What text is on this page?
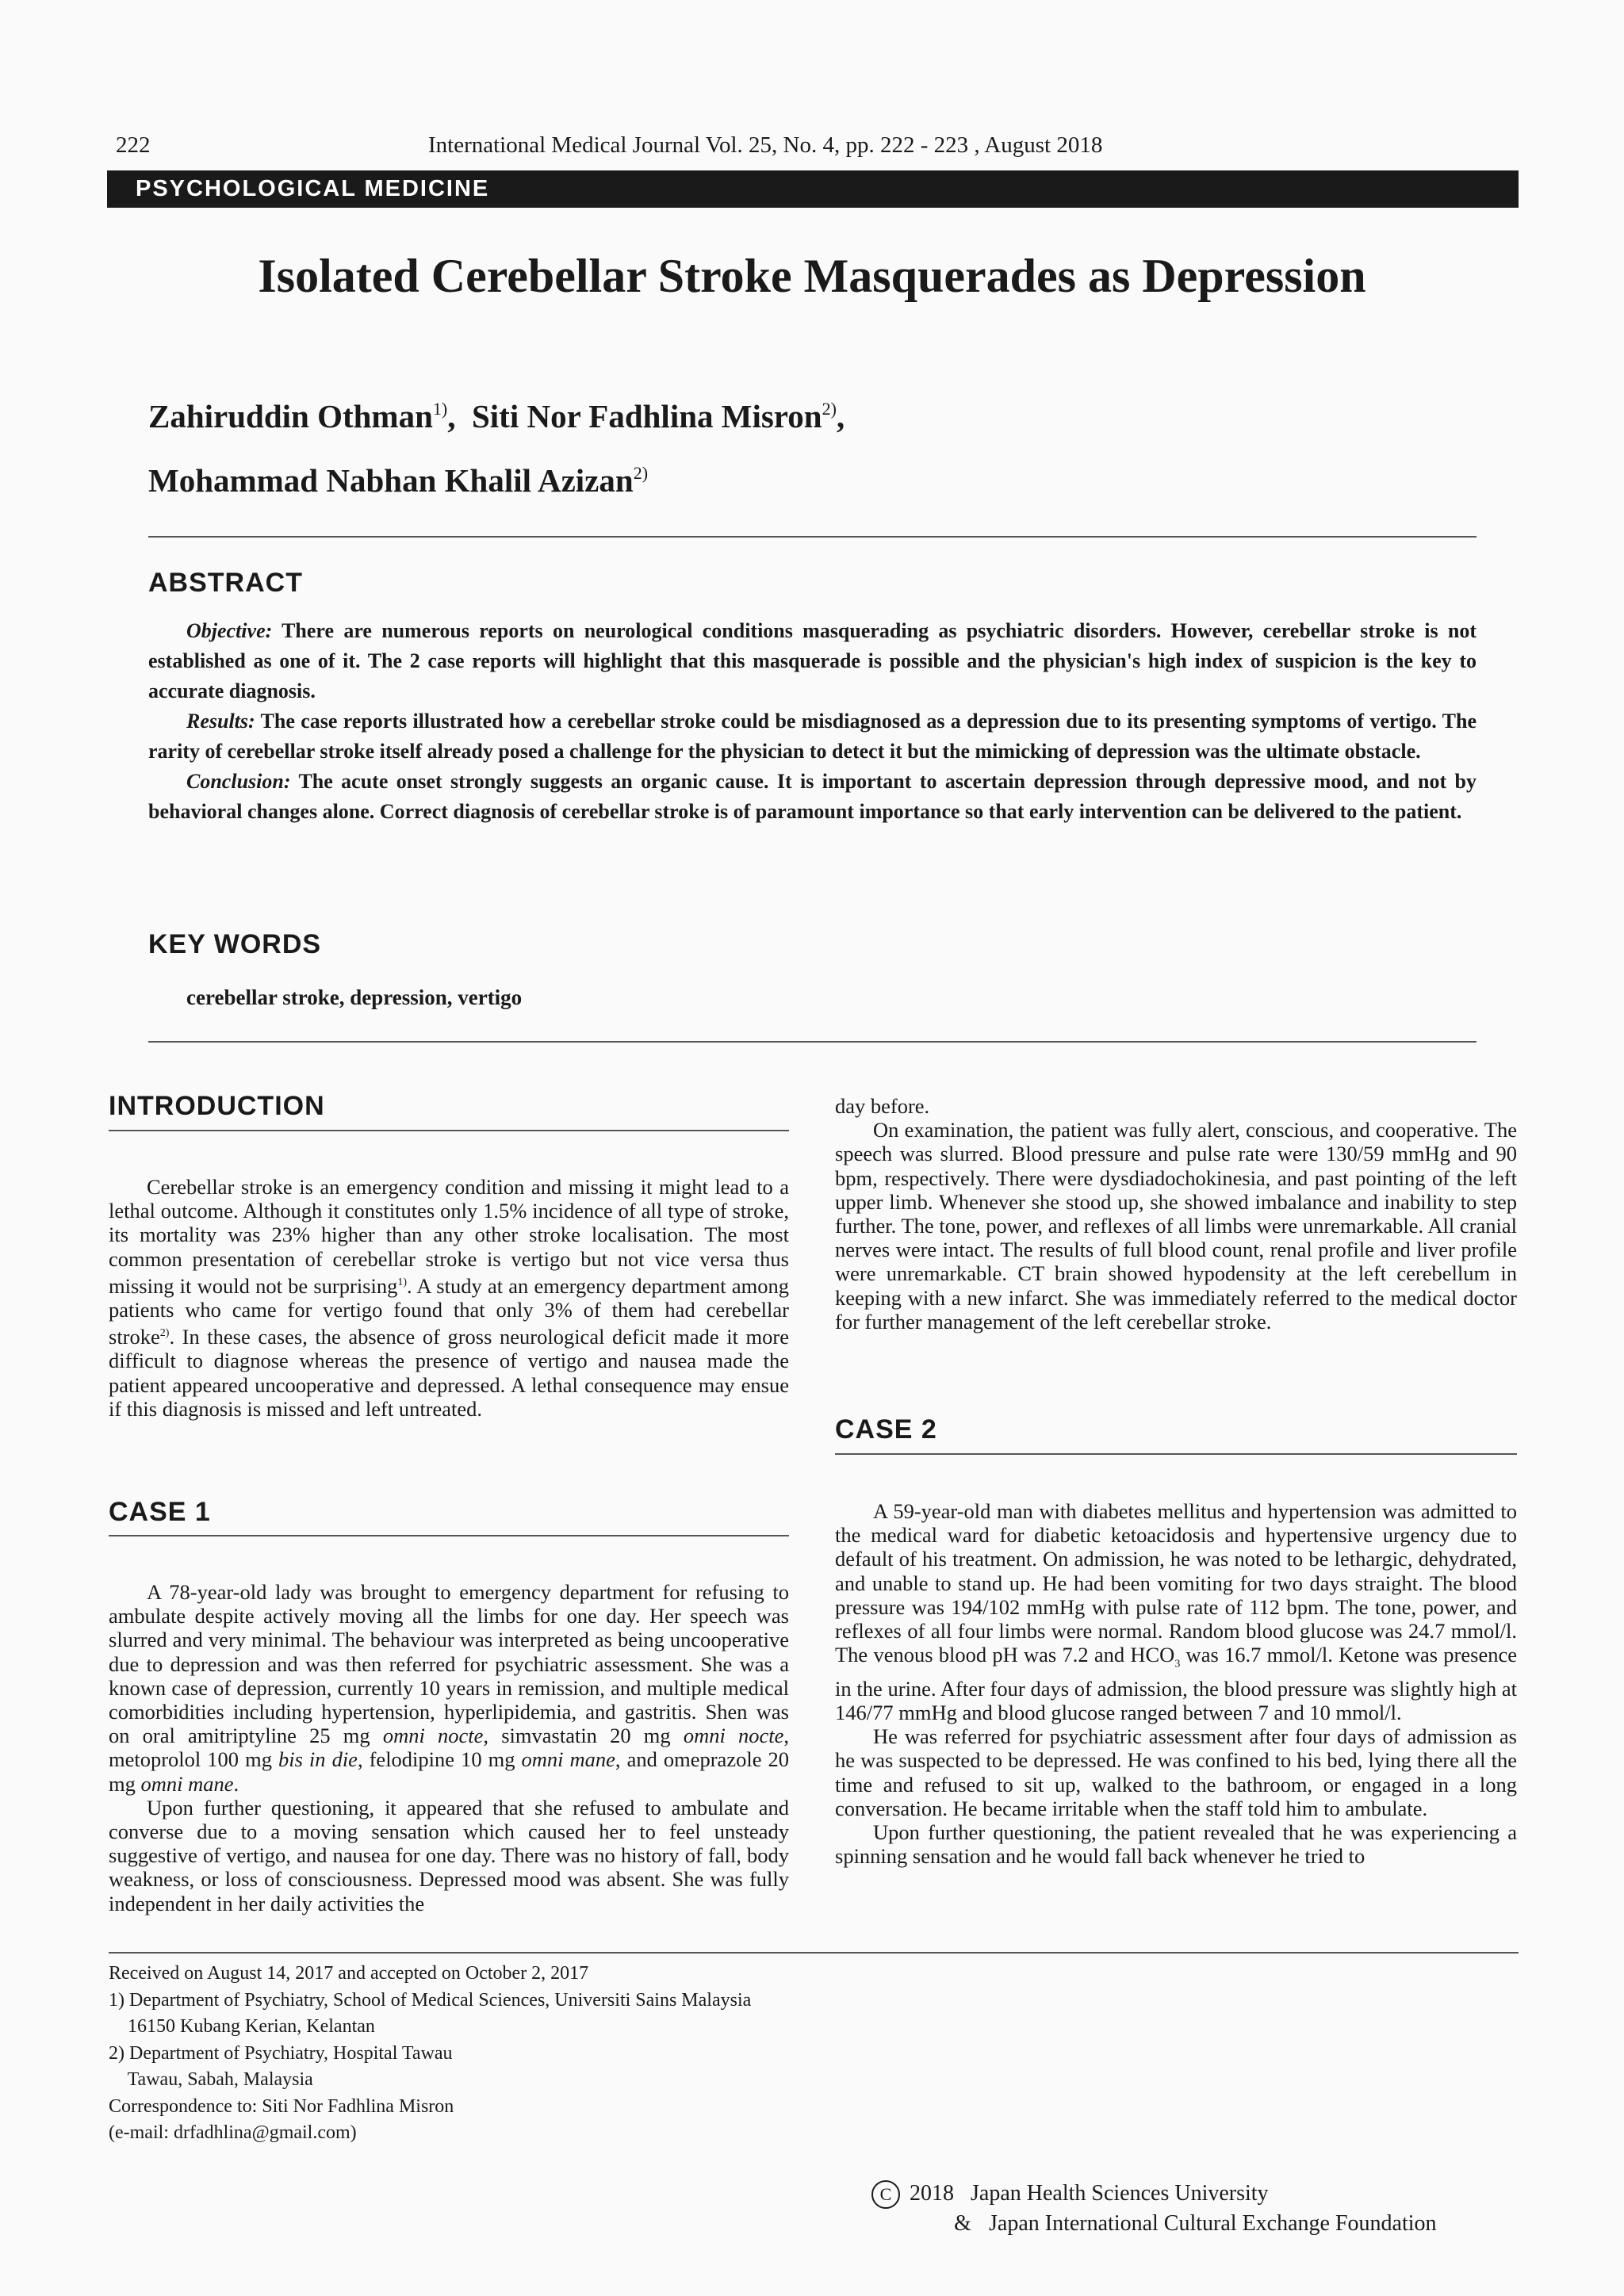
222	International Medical Journal Vol. 25, No. 4, pp. 222 - 223 , August 2018
PSYCHOLOGICAL MEDICINE
Isolated Cerebellar Stroke Masquerades as Depression
Zahiruddin Othman$^{1)}$,  Siti Nor Fadhlina Misron$^{2)}$,
Mohammad Nabhan Khalil Azizan$^{2)}$
ABSTRACT

Objective: There are numerous reports on neurological conditions masquerading as psychiatric disorders. However, cerebellar stroke is not established as one of it. The 2 case reports will highlight that this masquerade is possible and the physician's high index of suspicion is the key to accurate diagnosis.

Results: The case reports illustrated how a cerebellar stroke could be misdiagnosed as a depression due to its presenting symptoms of vertigo. The rarity of cerebellar stroke itself already posed a challenge for the physician to detect it but the mimicking of depression was the ultimate obstacle.

Conclusion: The acute onset strongly suggests an organic cause. It is important to ascertain depression through depressive mood, and not by behavioral changes alone. Correct diagnosis of cerebellar stroke is of paramount importance so that early intervention can be delivered to the patient.

KEY WORDS
cerebellar stroke, depression, vertigo
INTRODUCTION

Cerebellar stroke is an emergency condition and missing it might lead to a lethal outcome. Although it constitutes only 1.5% incidence of all type of stroke, its mortality was 23% higher than any other stroke localisation. The most common presentation of cerebellar stroke is vertigo but not vice versa thus missing it would not be surprising$^{1)}$. A study at an emergency department among patients who came for vertigo found that only 3% of them had cerebellar stroke$^{2)}$. In these cases, the absence of gross neurological deficit made it more difficult to diagnose whereas the presence of vertigo and nausea made the patient appeared uncooperative and depressed. A lethal consequence may ensue if this diagnosis is missed and left untreated.

CASE 1

A 78-year-old lady was brought to emergency department for refusing to ambulate despite actively moving all the limbs for one day. Her speech was slurred and very minimal. The behaviour was interpreted as being uncooperative due to depression and was then referred for psychiatric assessment. She was a known case of depression, currently 10 years in remission, and multiple medical comorbidities including hypertension, hyperlipidemia, and gastritis. Shen was on oral amitriptyline 25 mg omni nocte, simvastatin 20 mg omni nocte, metoprolol 100 mg bis in die, felodipine 10 mg omni mane, and omeprazole 20 mg omni mane.

Upon further questioning, it appeared that she refused to ambulate and converse due to a moving sensation which caused her to feel unsteady suggestive of vertigo, and nausea for one day. There was no history of fall, body weakness, or loss of consciousness. Depressed mood was absent. She was fully independent in her daily activities the

day before.

On examination, the patient was fully alert, conscious, and cooperative. The speech was slurred. Blood pressure and pulse rate were 130/59 mmHg and 90 bpm, respectively. There were dysdiadochokinesia, and past pointing of the left upper limb. Whenever she stood up, she showed imbalance and inability to step further. The tone, power, and reflexes of all limbs were unremarkable. All cranial nerves were intact. The results of full blood count, renal profile and liver profile were unremarkable. CT brain showed hypodensity at the left cerebellum in keeping with a new infarct. She was immediately referred to the medical doctor for further management of the left cerebellar stroke.

CASE 2

A 59-year-old man with diabetes mellitus and hypertension was admitted to the medical ward for diabetic ketoacidosis and hypertensive urgency due to default of his treatment. On admission, he was noted to be lethargic, dehydrated, and unable to stand up. He had been vomiting for two days straight. The blood pressure was 194/102 mmHg with pulse rate of 112 bpm. The tone, power, and reflexes of all four limbs were normal. Random blood glucose was 24.7 mmol/l. The venous blood pH was 7.2 and $HCO_3$ was 16.7 mmol/l. Ketone was presence in the urine. After four days of admission, the blood pressure was slightly high at 146/77 mmHg and blood glucose ranged between 7 and 10 mmol/l.

He was referred for psychiatric assessment after four days of admission as he was suspected to be depressed. He was confined to his bed, lying there all the time and refused to sit up, walked to the bathroom, or engaged in a long conversation. He became irritable when the staff told him to ambulate.

Upon further questioning, the patient revealed that he was experiencing a spinning sensation and he would fall back whenever he tried to

Received on August 14, 2017 and accepted on October 2, 2017
1) Department of Psychiatry, School of Medical Sciences, Universiti Sains Malaysia
16150 Kubang Kerian, Kelantan
2) Department of Psychiatry, Hospital Tawau
Tawau, Sabah, Malaysia
Correspondence to: Siti Nor Fadhlina Misron
(e-mail: drfadhlina@gmail.com)
C 2018   Japan Health Sciences University
& Japan International Cultural Exchange Foundation
